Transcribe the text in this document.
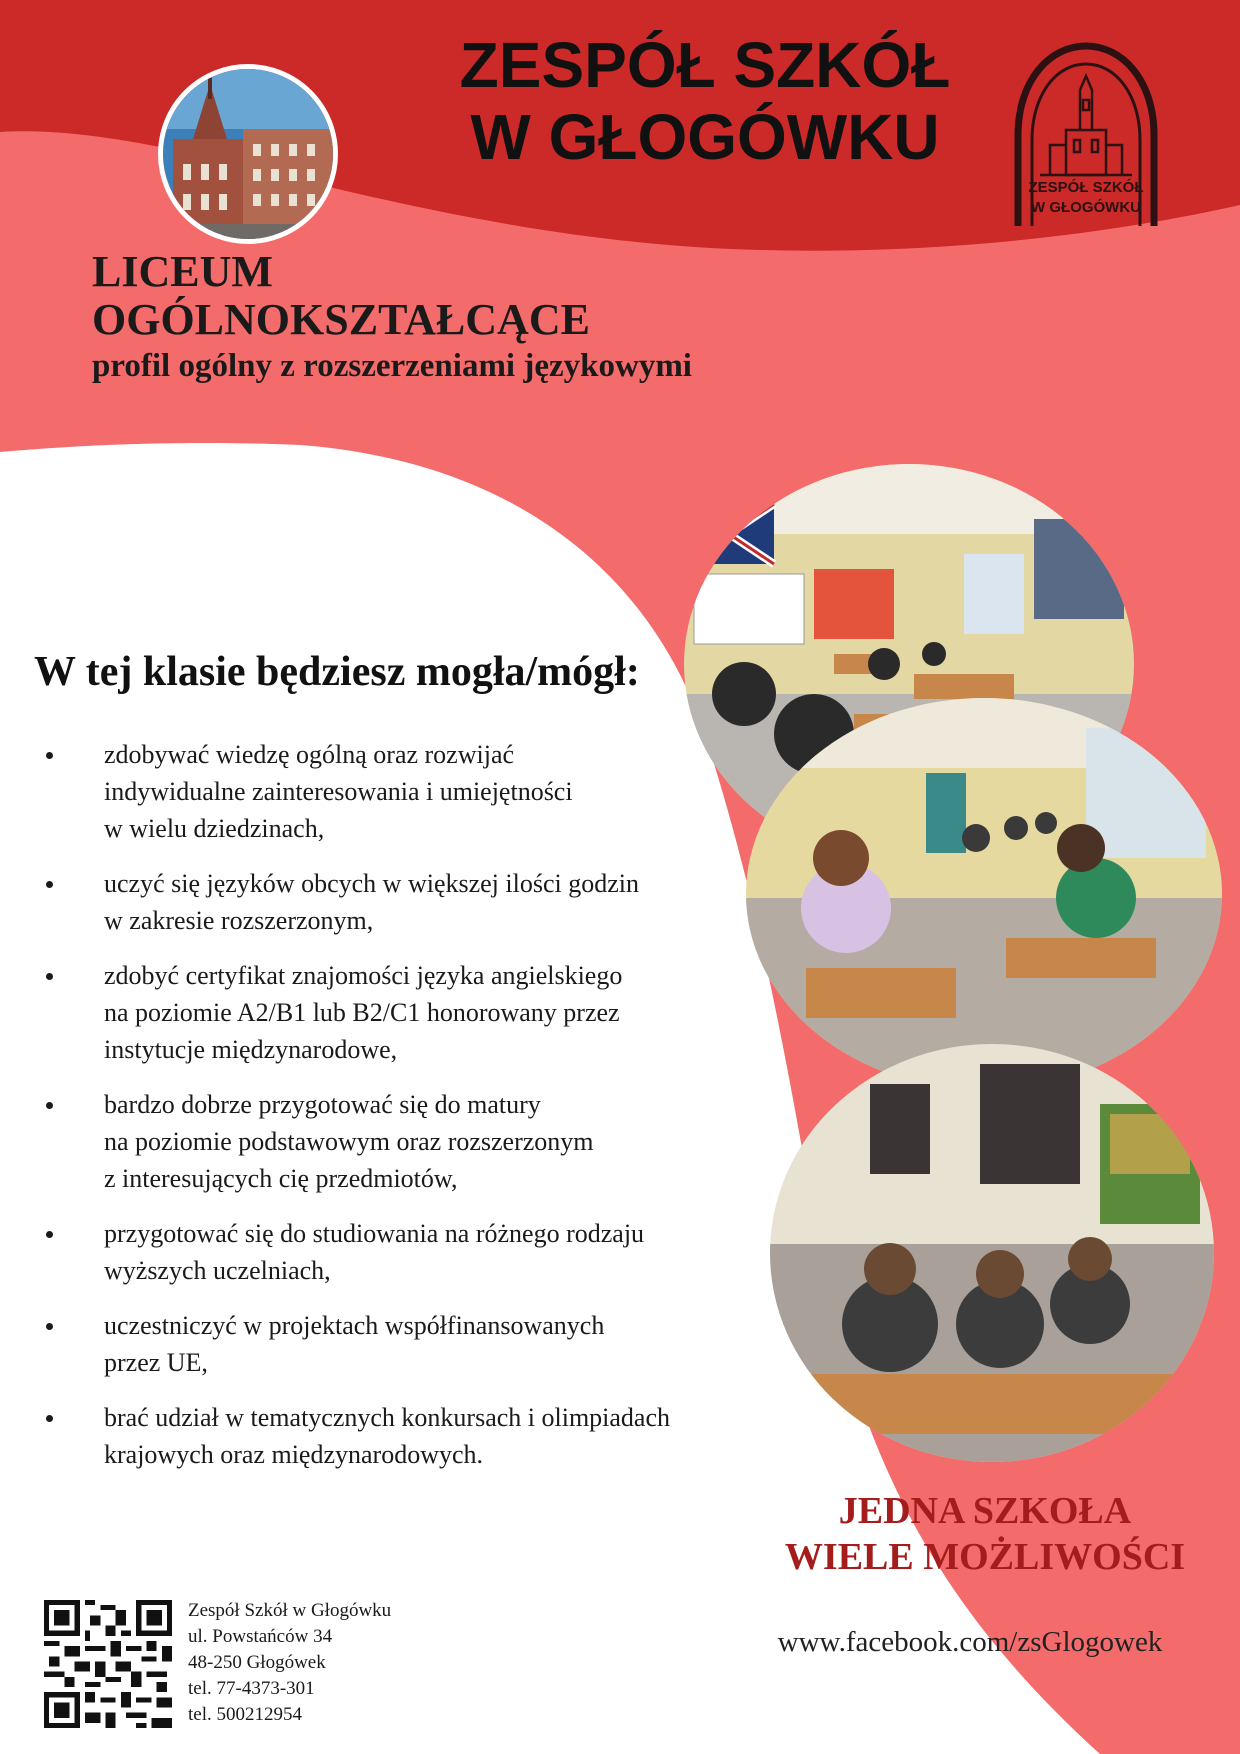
ZESPÓŁ SZKÓŁ
W GŁOGÓWKU
ZESPÓŁ SZKÓŁ
W GŁOGÓWKU
LICEUM
OGÓLNOKSZTAŁCĄCE
profil ogólny z rozszerzeniami językowymi
W tej klasie będziesz mogła/mógł:
zdobywać wiedzę ogólną oraz rozwijać
indywidualne zainteresowania i umiejętności
w wielu dziedzinach,
uczyć się języków obcych w większej ilości godzin
w zakresie rozszerzonym,
zdobyć certyfikat znajomości języka angielskiego
na poziomie A2/B1 lub B2/C1 honorowany przez
instytucje międzynarodowe,
bardzo dobrze przygotować się do matury
na poziomie podstawowym oraz rozszerzonym
z interesujących cię przedmiotów,
przygotować się do studiowania na różnego rodzaju
wyższych uczelniach,
uczestniczyć w projektach współfinansowanych
przez UE,
brać udział w tematycznych konkursach i olimpiadach
krajowych oraz międzynarodowych.
JEDNA SZKOŁA
WIELE MOŻLIWOŚCI
www.facebook.com/zsGlogowek
Zespół Szkół w Głogówku
ul. Powstańców 34
48-250 Głogówek
tel. 77-4373-301
tel. 500212954
